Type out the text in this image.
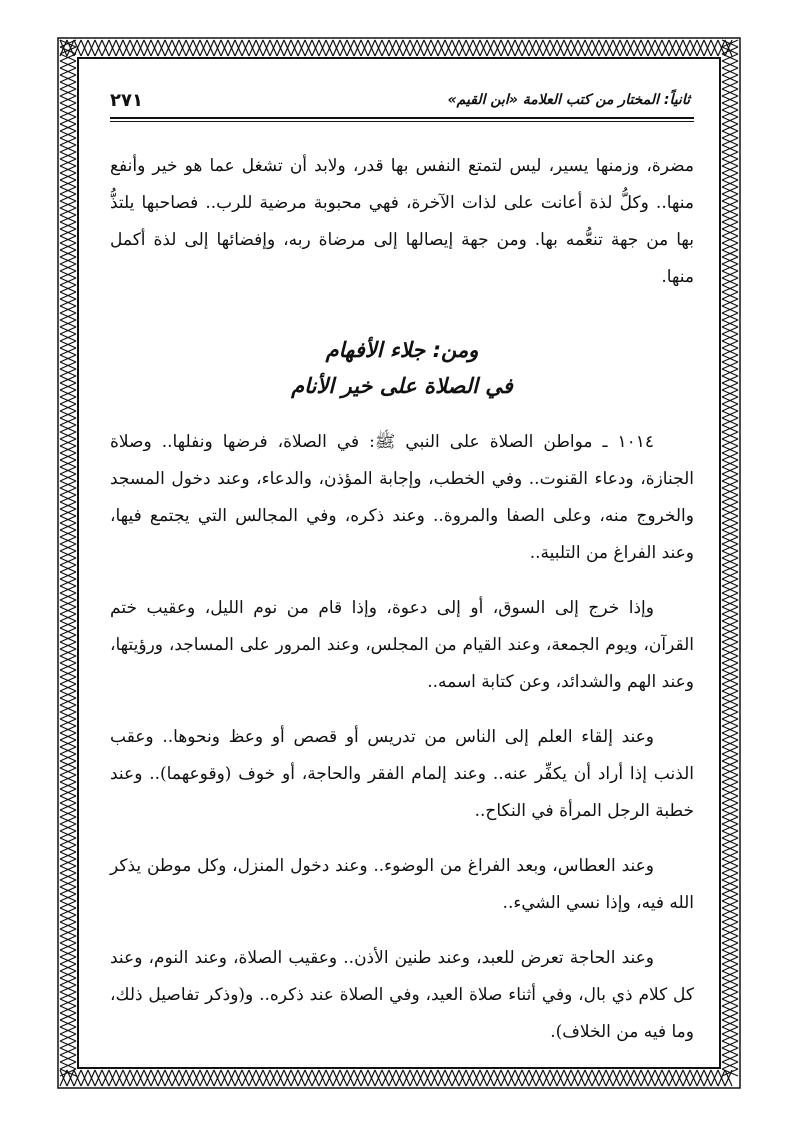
ثانياً: المختار من كتب العلامة «ابن القيم»
٢٧١

مضرة، وزمنها يسير، ليس لتمتع النفس بها قدر، ولابد أن تشغل عما هو خير وأنفع منها.. وكلُّ لذة أعانت على لذات الآخرة، فهي محبوبة مرضية للرب.. فصاحبها يلتذُّ بها من جهة تنعُّمه بها. ومن جهة إيصالها إلى مرضاة ربه، وإفضائها إلى لذة أكمل منها.

ومن: جلاء الأفهام
في الصلاة على خير الأنام

١٠١٤ ـ مواطن الصلاة على النبي ﷺ: في الصلاة، فرضها ونفلها.. وصلاة الجنازة، ودعاء القنوت.. وفي الخطب، وإجابة المؤذن، والدعاء، وعند دخول المسجد والخروج منه، وعلى الصفا والمروة.. وعند ذكره، وفي المجالس التي يجتمع فيها، وعند الفراغ من التلبية..

وإذا خرج إلى السوق، أو إلى دعوة، وإذا قام من نوم الليل، وعقيب ختم القرآن، ويوم الجمعة، وعند القيام من المجلس، وعند المرور على المساجد، ورؤيتها، وعند الهم والشدائد، وعن كتابة اسمه..

وعند إلقاء العلم إلى الناس من تدريس أو قصص أو وعظ ونحوها.. وعقب الذنب إذا أراد أن يكفِّر عنه.. وعند إلمام الفقر والحاجة، أو خوف (وقوعهما).. وعند خطبة الرجل المرأة في النكاح..

وعند العطاس، وبعد الفراغ من الوضوء.. وعند دخول المنزل، وكل موطن يذكر الله فيه، وإذا نسي الشيء..

وعند الحاجة تعرض للعبد، وعند طنين الأذن.. وعقيب الصلاة، وعند النوم، وعند كل كلام ذي بال، وفي أثناء صلاة العيد، وفي الصلاة عند ذكره.. و(وذكر تفاصيل ذلك، وما فيه من الخلاف).
